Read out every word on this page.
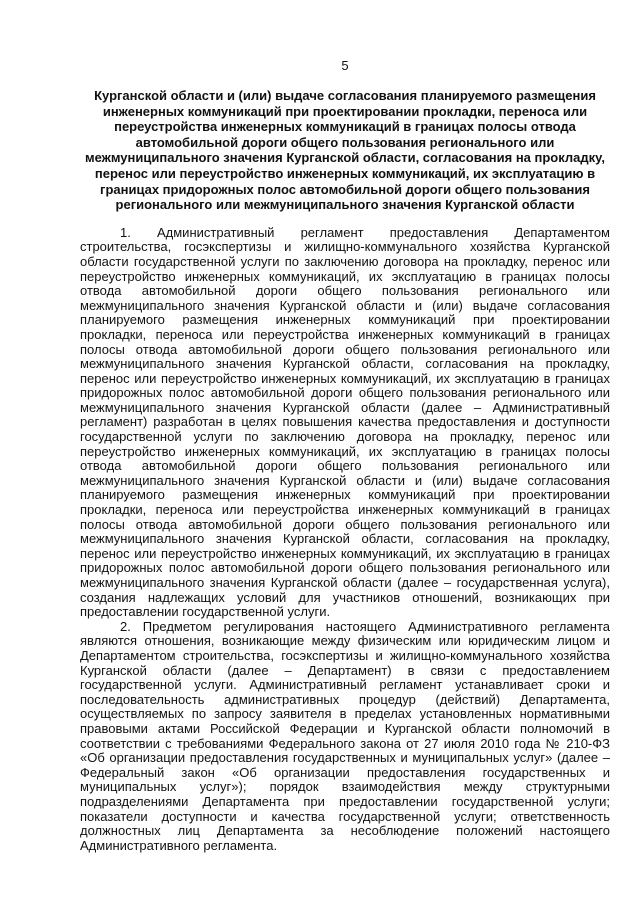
5
Курганской области и (или) выдаче согласования планируемого размещения инженерных коммуникаций при проектировании прокладки, переноса или переустройства инженерных коммуникаций в границах полосы отвода автомобильной дороги общего пользования регионального или межмуниципального значения Курганской области, согласования на прокладку, перенос или переустройство инженерных коммуникаций, их эксплуатацию в границах придорожных полос автомобильной дороги общего пользования регионального или межмуниципального значения Курганской области

1. Административный регламент предоставления Департаментом строительства, госэкспертизы и жилищно-коммунального хозяйства Курганской области государственной услуги по заключению договора на прокладку, перенос или переустройство инженерных коммуникаций, их эксплуатацию в границах полосы отвода автомобильной дороги общего пользования регионального или межмуниципального значения Курганской области и (или) выдаче согласования планируемого размещения инженерных коммуникаций при проектировании прокладки, переноса или переустройства инженерных коммуникаций в границах полосы отвода автомобильной дороги общего пользования регионального или межмуниципального значения Курганской области, согласования на прокладку, перенос или переустройство инженерных коммуникаций, их эксплуатацию в границах придорожных полос автомобильной дороги общего пользования регионального или межмуниципального значения Курганской области (далее – Административный регламент) разработан в целях повышения качества предоставления и доступности государственной услуги по заключению договора на прокладку, перенос или переустройство инженерных коммуникаций, их эксплуатацию в границах полосы отвода автомобильной дороги общего пользования регионального или межмуниципального значения Курганской области и (или) выдаче согласования планируемого размещения инженерных коммуникаций при проектировании прокладки, переноса или переустройства инженерных коммуникаций в границах полосы отвода автомобильной дороги общего пользования регионального или межмуниципального значения Курганской области, согласования на прокладку, перенос или переустройство инженерных коммуникаций, их эксплуатацию в границах придорожных полос автомобильной дороги общего пользования регионального или межмуниципального значения Курганской области (далее – государственная услуга), создания надлежащих условий для участников отношений, возникающих при предоставлении государственной услуги.

2. Предметом регулирования настоящего Административного регламента являются отношения, возникающие между физическим или юридическим лицом и Департаментом строительства, госэкспертизы и жилищно-коммунального хозяйства Курганской области (далее – Департамент) в связи с предоставлением государственной услуги. Административный регламент устанавливает сроки и последовательность административных процедур (действий) Департамента, осуществляемых по запросу заявителя в пределах установленных нормативными правовыми актами Российской Федерации и Курганской области полномочий в соответствии с требованиями Федерального закона от 27 июля 2010 года № 210-ФЗ «Об организации предоставления государственных и муниципальных услуг» (далее – Федеральный закон «Об организации предоставления государственных и муниципальных услуг»); порядок взаимодействия между структурными подразделениями Департамента при предоставлении государственной услуги; показатели доступности и качества государственной услуги; ответственность должностных лиц Департамента за несоблюдение положений настоящего Административного регламента.
